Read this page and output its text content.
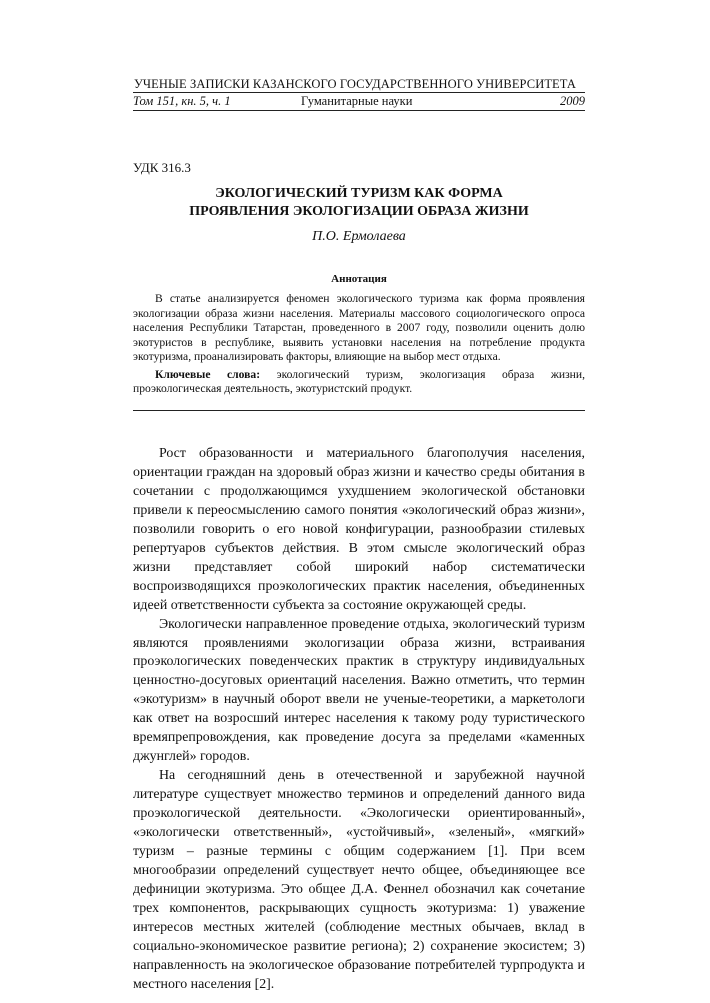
УЧЕНЫЕ ЗАПИСКИ КАЗАНСКОГО ГОСУДАРСТВЕННОГО УНИВЕРСИТЕТА
Том 151, кн. 5, ч. 1	Гуманитарные науки	2009
УДК 316.3
ЭКОЛОГИЧЕСКИЙ ТУРИЗМ КАК ФОРМА
ПРОЯВЛЕНИЯ ЭКОЛОГИЗАЦИИ ОБРАЗА ЖИЗНИ
П.О. Ермолаева
Аннотация

В статье анализируется феномен экологического туризма как форма проявления экологизации образа жизни населения. Материалы массового социологического опроса населения Республики Татарстан, проведенного в 2007 году, позволили оценить долю экотуристов в республике, выявить установки населения на потребление продукта экотуризма, проанализировать факторы, влияющие на выбор мест отдыха.

Ключевые слова: экологический туризм, экологизация образа жизни, проэкологическая деятельность, экотуристский продукт.

Рост образованности и материального благополучия населения, ориентации граждан на здоровый образ жизни и качество среды обитания в сочетании с продолжающимся ухудшением экологической обстановки привели к переосмыслению самого понятия «экологический образ жизни», позволили говорить о его новой конфигурации, разнообразии стилевых репертуаров субъектов действия. В этом смысле экологический образ жизни представляет собой широкий набор систематически воспроизводящихся проэкологических практик населения, объединенных идеей ответственности субъекта за состояние окружающей среды.

Экологически направленное проведение отдыха, экологический туризм являются проявлениями экологизации образа жизни, встраивания проэкологических поведенческих практик в структуру индивидуальных ценностно-досуговых ориентаций населения. Важно отметить, что термин «экотуризм» в научный оборот ввели не ученые-теоретики, а маркетологи как ответ на возросший интерес населения к такому роду туристического времяпрепровождения, как проведение досуга за пределами «каменных джунглей» городов.

На сегодняшний день в отечественной и зарубежной научной литературе существует множество терминов и определений данного вида проэкологической деятельности. «Экологически ориентированный», «экологически ответственный», «устойчивый», «зеленый», «мягкий» туризм – разные термины с общим содержанием [1]. При всем многообразии определений существует нечто общее, объединяющее все дефиниции экотуризма. Это общее Д.А. Феннел обозначил как сочетание трех компонентов, раскрывающих сущность экотуризма: 1) уважение интересов местных жителей (соблюдение местных обычаев, вклад в социально-экономическое развитие региона); 2) сохранение экосистем; 3) направленность на экологическое образование потребителей турпродукта и местного населения [2].
